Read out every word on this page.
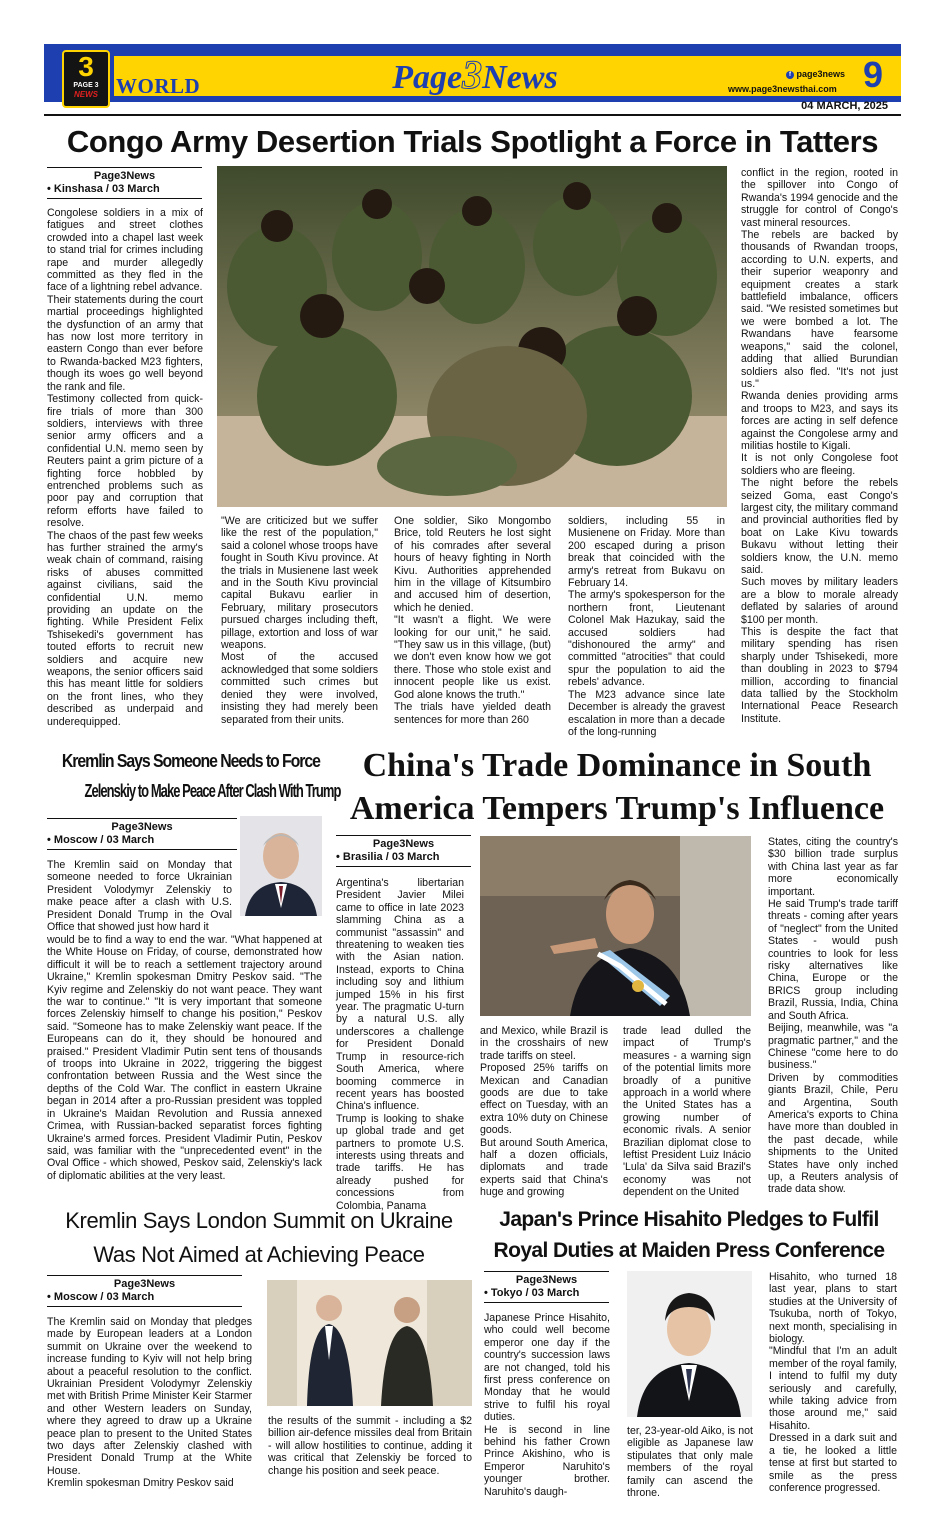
3
PAGE 3
NEWS WORLD	Page3News	f page3news
www.page3newsthai.com 9
04 MARCH, 2025
Congo Army Desertion Trials Spotlight a Force in Tatters
Page3News
• Kinshasa / 03 March
Congolese soldiers in a mix of fatigues and street clothes crowded into a chapel last week to stand trial for crimes including rape and murder allegedly committed as they fled in the face of a lightning rebel advance.
Their statements during the court martial proceedings highlighted the dysfunction of an army that has now lost more territory in eastern Congo than ever before to Rwanda-backed M23 fighters, though its woes go well beyond the rank and file.
Testimony collected from quick-fire trials of more than 300 soldiers, interviews with three senior army officers and a confidential U.N. memo seen by Reuters paint a grim picture of a fighting force hobbled by entrenched problems such as poor pay and corruption that reform efforts have failed to resolve.
The chaos of the past few weeks has further strained the army's weak chain of command, raising risks of abuses committed against civilians, said the confidential U.N. memo providing an update on the fighting. While President Felix Tshisekedi's government has touted efforts to recruit new soldiers and acquire new weapons, the senior officers said this has meant little for soldiers on the front lines, who they described as underpaid and underequipped.
"We are criticized but we suffer like the rest of the population," said a colonel whose troops have fought in South Kivu province. At the trials in Musienene last week and in the South Kivu provincial capital Bukavu earlier in February, military prosecutors pursued charges including theft, pillage, extortion and loss of war weapons.
Most of the accused acknowledged that some soldiers committed such crimes but denied they were involved, insisting they had merely been separated from their units.
One soldier, Siko Mongombo Brice, told Reuters he lost sight of his comrades after several hours of heavy fighting in North Kivu. Authorities apprehended him in the village of Kitsumbiro and accused him of desertion, which he denied.
"It wasn't a flight. We were looking for our unit," he said. "They saw us in this village, (but) we don't even know how we got there. Those who stole exist and innocent people like us exist. God alone knows the truth."
The trials have yielded death sentences for more than 260
soldiers, including 55 in Musienene on Friday. More than 200 escaped during a prison break that coincided with the army's retreat from Bukavu on February 14.
The army's spokesperson for the northern front, Lieutenant Colonel Mak Hazukay, said the accused soldiers had "dishonoured the army" and committed "atrocities" that could spur the population to aid the rebels' advance.
The M23 advance since late December is already the gravest escalation in more than a decade of the long-running
conflict in the region, rooted in the spillover into Congo of Rwanda's 1994 genocide and the struggle for control of Congo's vast mineral resources.
The rebels are backed by thousands of Rwandan troops, according to U.N. experts, and their superior weaponry and equipment creates a stark battlefield imbalance, officers said. "We resisted sometimes but we were bombed a lot. The Rwandans have fearsome weapons," said the colonel, adding that allied Burundian soldiers also fled. "It's not just us."
Rwanda denies providing arms and troops to M23, and says its forces are acting in self defence against the Congolese army and militias hostile to Kigali.
It is not only Congolese foot soldiers who are fleeing.
The night before the rebels seized Goma, east Congo's largest city, the military command and provincial authorities fled by boat on Lake Kivu towards Bukavu without letting their soldiers know, the U.N. memo said.
Such moves by military leaders are a blow to morale already deflated by salaries of around $100 per month.
This is despite the fact that military spending has risen sharply under Tshisekedi, more than doubling in 2023 to $794 million, according to financial data tallied by the Stockholm International Peace Research Institute.
Kremlin Says Someone Needs to Force
Zelenskiy to Make Peace After Clash With Trump
Page3News
• Moscow / 03 March
The Kremlin said on Monday that someone needed to force Ukrainian President Volodymyr Zelenskiy to make peace after a clash with U.S. President Donald Trump in the Oval Office that showed just how hard it
would be to find a way to end the war. "What happened at the White House on Friday, of course, demonstrated how difficult it will be to reach a settlement trajectory around Ukraine," Kremlin spokesman Dmitry Peskov said. "The Kyiv regime and Zelenskiy do not want peace. They want the war to continue." "It is very important that someone forces Zelenskiy himself to change his position," Peskov said. "Someone has to make Zelenskiy want peace. If the Europeans can do it, they should be honoured and praised." President Vladimir Putin sent tens of thousands of troops into Ukraine in 2022, triggering the biggest confrontation between Russia and the West since the depths of the Cold War. The conflict in eastern Ukraine began in 2014 after a pro-Russian president was toppled in Ukraine's Maidan Revolution and Russia annexed Crimea, with Russian-backed separatist forces fighting Ukraine's armed forces. President Vladimir Putin, Peskov said, was familiar with the "unprecedented event" in the Oval Office - which showed, Peskov said, Zelenskiy's lack of diplomatic abilities at the very least.
China's Trade Dominance in South
America Tempers Trump's Influence
Page3News
• Brasilia / 03 March
Argentina's libertarian President Javier Milei came to office in late 2023 slamming China as a communist "assassin" and threatening to weaken ties with the Asian nation. Instead, exports to China including soy and lithium jumped 15% in his first year. The pragmatic U-turn by a natural U.S. ally underscores a challenge for President Donald Trump in resource-rich South America, where booming commerce in recent years has boosted China's influence.
Trump is looking to shake up global trade and get partners to promote U.S. interests using threats and trade tariffs. He has already pushed for concessions from Colombia, Panama
and Mexico, while Brazil is in the crosshairs of new trade tariffs on steel.
Proposed 25% tariffs on Mexican and Canadian goods are due to take effect on Tuesday, with an extra 10% duty on Chinese goods.
But around South America, half a dozen officials, diplomats and trade experts said that China's huge and growing
trade lead dulled the impact of Trump's measures - a warning sign of the potential limits more broadly of a punitive approach in a world where the United States has a growing number of economic rivals. A senior Brazilian diplomat close to leftist President Luiz Inácio 'Lula' da Silva said Brazil's economy was not dependent on the United
States, citing the country's $30 billion trade surplus with China last year as far more economically important.
He said Trump's trade tariff threats - coming after years of "neglect" from the United States - would push countries to look for less risky alternatives like China, Europe or the BRICS group including Brazil, Russia, India, China and South Africa.
Beijing, meanwhile, was "a pragmatic partner," and the Chinese "come here to do business."
Driven by commodities giants Brazil, Chile, Peru and Argentina, South America's exports to China have more than doubled in the past decade, while shipments to the United States have only inched up, a Reuters analysis of trade data show.
Kremlin Says London Summit on Ukraine
Was Not Aimed at Achieving Peace
Page3News
• Moscow / 03 March
The Kremlin said on Monday that pledges made by European leaders at a London summit on Ukraine over the weekend to increase funding to Kyiv will not help bring about a peaceful resolution to the conflict. Ukrainian President Volodymyr Zelenskiy met with British Prime Minister Keir Starmer and other Western leaders on Sunday, where they agreed to draw up a Ukraine peace plan to present to the United States two days after Zelenskiy clashed with President Donald Trump at the White House.
Kremlin spokesman Dmitry Peskov said
the results of the summit - including a $2 billion air-defence missiles deal from Britain - will allow hostilities to continue, adding it was critical that Zelenskiy be forced to change his position and seek peace.
Japan's Prince Hisahito Pledges to Fulfil
Royal Duties at Maiden Press Conference
Page3News
• Tokyo / 03 March
Japanese Prince Hisahito, who could well become emperor one day if the country's succession laws are not changed, told his first press conference on Monday that he would strive to fulfil his royal duties.
He is second in line behind his father Crown Prince Akishino, who is Emperor Naruhito's younger brother. Naruhito's daugh-
ter, 23-year-old Aiko, is not eligible as Japanese law stipulates that only male members of the royal family can ascend the throne.
Hisahito, who turned 18 last year, plans to start studies at the University of Tsukuba, north of Tokyo, next month, specialising in biology.
"Mindful that I'm an adult member of the royal family, I intend to fulfil my duty seriously and carefully, while taking advice from those around me," said Hisahito.
Dressed in a dark suit and a tie, he looked a little tense at first but started to smile as the press conference progressed.
